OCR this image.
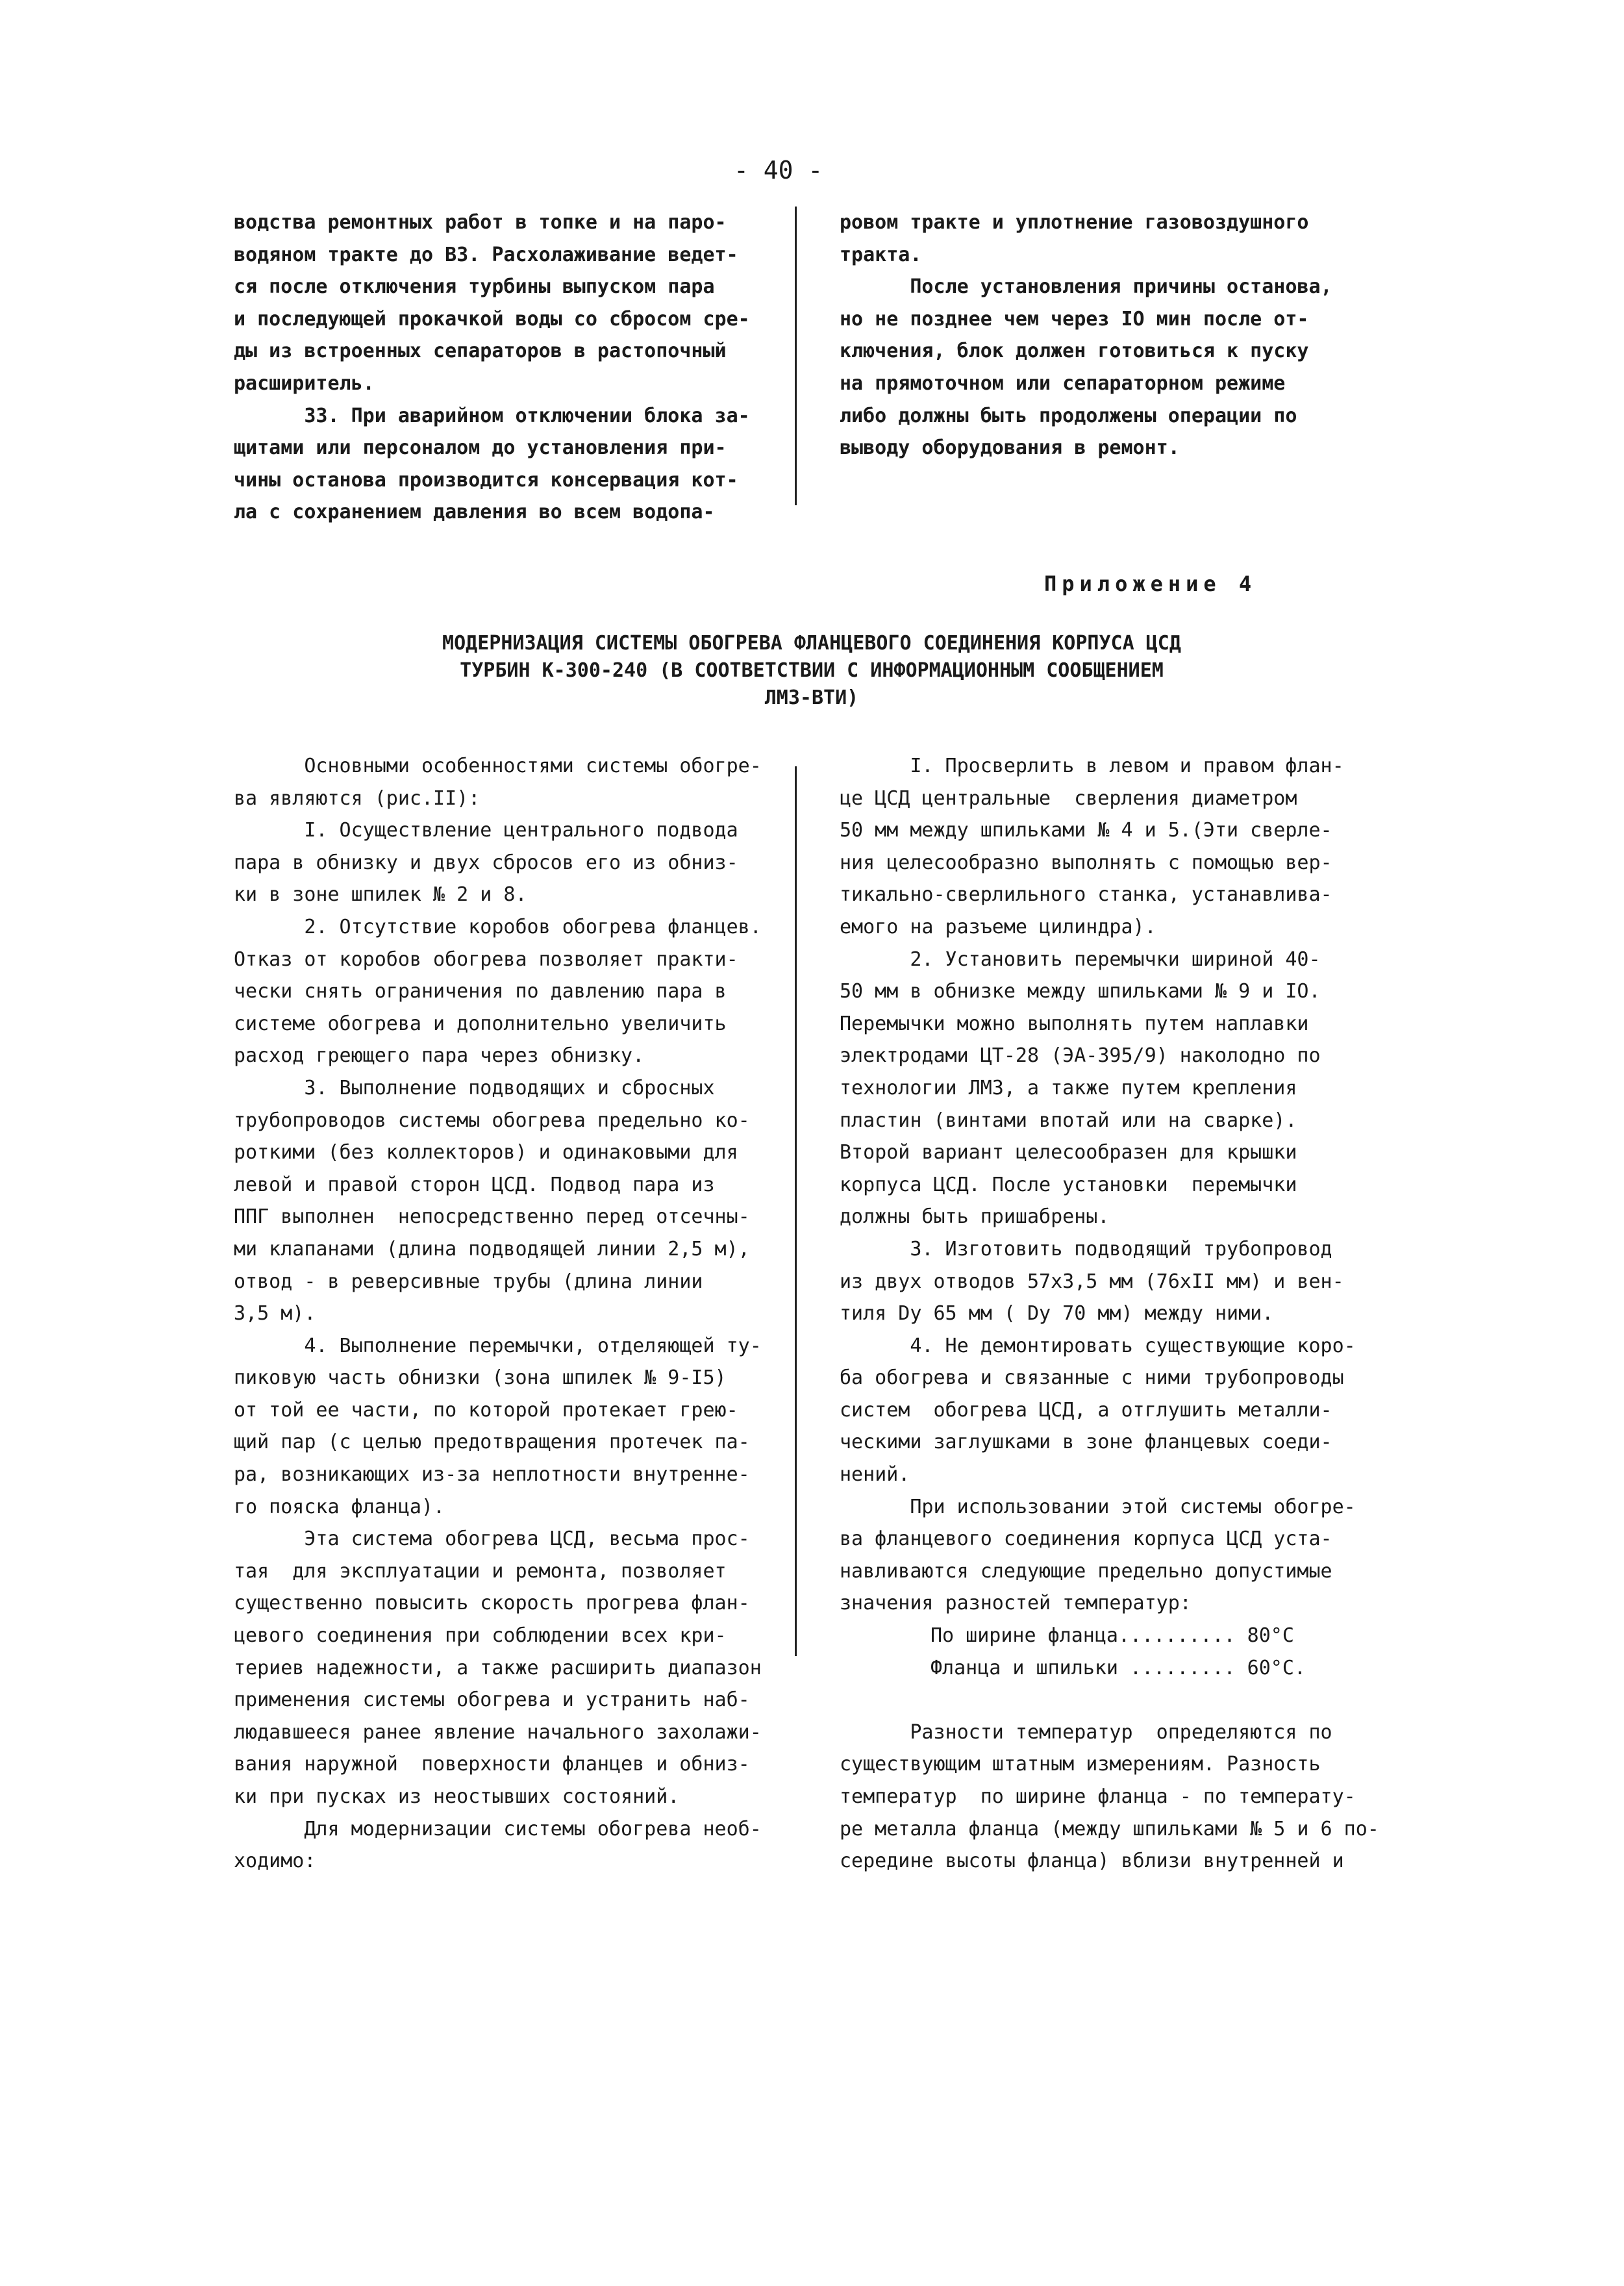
- 40 -

водства ремонтных работ в топке и на паро-

водяном тракте до ВЗ. Расхолаживание ведет-

ся после отключения турбины выпуском пара

и последующей прокачкой воды со сбросом сре-

ды из встроенных сепараторов в растопочный

расширитель.

33. При аварийном отключении блока за-

щитами или персоналом до установления при-

чины останова производится консервация кот-

ла с сохранением давления во всем водопа-

ровом тракте и уплотнение газовоздушного

тракта.

После установления причины останова,

но не позднее чем через IO мин после от-

ключения, блок должен готовиться к пуску

на прямоточном или сепараторном режиме

либо должны быть продолжены операции по

выводу оборудования в ремонт.

Приложение 4
МОДЕРНИЗАЦИЯ СИСТЕМЫ ОБОГРЕВА ФЛАНЦЕВОГО СОЕДИНЕНИЯ КОРПУСА ЦСД
ТУРБИН К-300-240 (В СООТВЕТСТВИИ С ИНФОРМАЦИОННЫМ СООБЩЕНИЕМ
ЛМЗ-ВТИ)

Основными особенностями системы обогре-

ва являются (рис.II):

I. Осуществление центрального подвода

пара в обнизку и двух сбросов его из обниз-

ки в зоне шпилек № 2 и 8.

2. Отсутствие коробов обогрева фланцев.

Отказ от коробов обогрева позволяет практи-

чески снять ограничения по давлению пара в

системе обогрева и дополнительно увеличить

расход греющего пара через обнизку.

3. Выполнение подводящих и сбросных

трубопроводов системы обогрева предельно ко-

роткими (без коллекторов) и одинаковыми для

левой и правой сторон ЦСД. Подвод пара из

ППГ выполнен  непосредственно перед отсечны-

ми клапанами (длина подводящей линии 2,5 м),

отвод - в реверсивные трубы (длина линии

3,5 м).

4. Выполнение перемычки, отделяющей ту-

пиковую часть обнизки (зона шпилек № 9-I5)

от той ее части, по которой протекает грею-

щий пар (с целью предотвращения протечек па-

ра, возникающих из-за неплотности внутренне-

го пояска фланца).

Эта система обогрева ЦСД, весьма прос-

тая  для эксплуатации и ремонта, позволяет

существенно повысить скорость прогрева флан-

цевого соединения при соблюдении всех кри-

териев надежности, а также расширить диапазон

применения системы обогрева и устранить наб-

людавшееся ранее явление начального захолажи-

вания наружной  поверхности фланцев и обниз-

ки при пусках из неостывших состояний.

Для модернизации системы обогрева необ-

ходимо:

I. Просверлить в левом и правом флан-

це ЦСД центральные  сверления диаметром

50 мм между шпильками № 4 и 5.(Эти сверле-

ния целесообразно выполнять с помощью вер-

тикально-сверлильного станка, устанавлива-

емого на разъеме цилиндра).

2. Установить перемычки шириной 40-

50 мм в обнизке между шпильками № 9 и IO.

Перемычки можно выполнять путем наплавки

электродами ЦТ-28 (ЭА-395/9) наколодно по

технологии ЛМЗ, а также путем крепления

пластин (винтами впотай или на сварке).

Второй вариант целесообразен для крышки

корпуса ЦСД. После установки  перемычки

должны быть пришабрены.

3. Изготовить подводящий трубопровод

из двух отводов 57x3,5 мм (76xII мм) и вен-

тиля Dу 65 мм ( Dу 70 мм) между ними.

4. Не демонтировать существующие коро-

ба обогрева и связанные с ними трубопроводы

систем  обогрева ЦСД, а отглушить металли-

ческими заглушками в зоне фланцевых соеди-

нений.

При использовании этой системы обогре-

ва фланцевого соединения корпуса ЦСД уста-

навливаются следующие предельно допустимые

значения разностей температур:

По ширине фланца.......... 80°С

Фланца и шпильки ......... 60°С.

Разности температур  определяются по

существующим штатным измерениям. Разность

температур  по ширине фланца - по температу-

ре металла фланца (между шпильками № 5 и 6 по-

середине высоты фланца) вблизи внутренней и
